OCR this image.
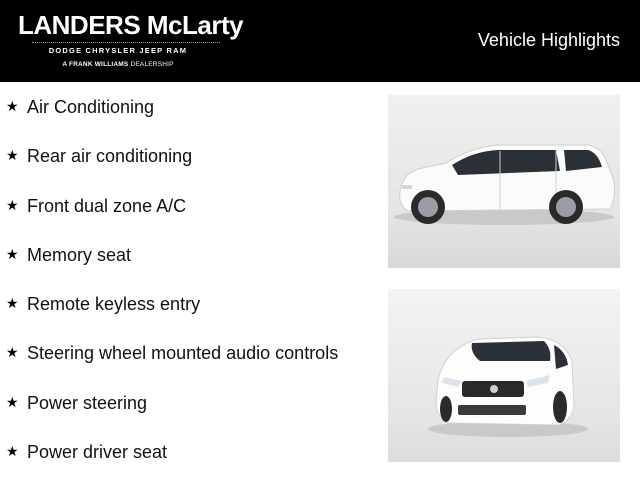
LANDERS McLarty
DODGE CHRYSLER JEEP RAM
A FRANK WILLIAMS DEALERSHIP
Vehicle Highlights
★ Air Conditioning
★ Rear air conditioning
★ Front dual zone A/C
★ Memory seat
★ Remote keyless entry
★ Steering wheel mounted audio controls
★ Power steering
★ Power driver seat
